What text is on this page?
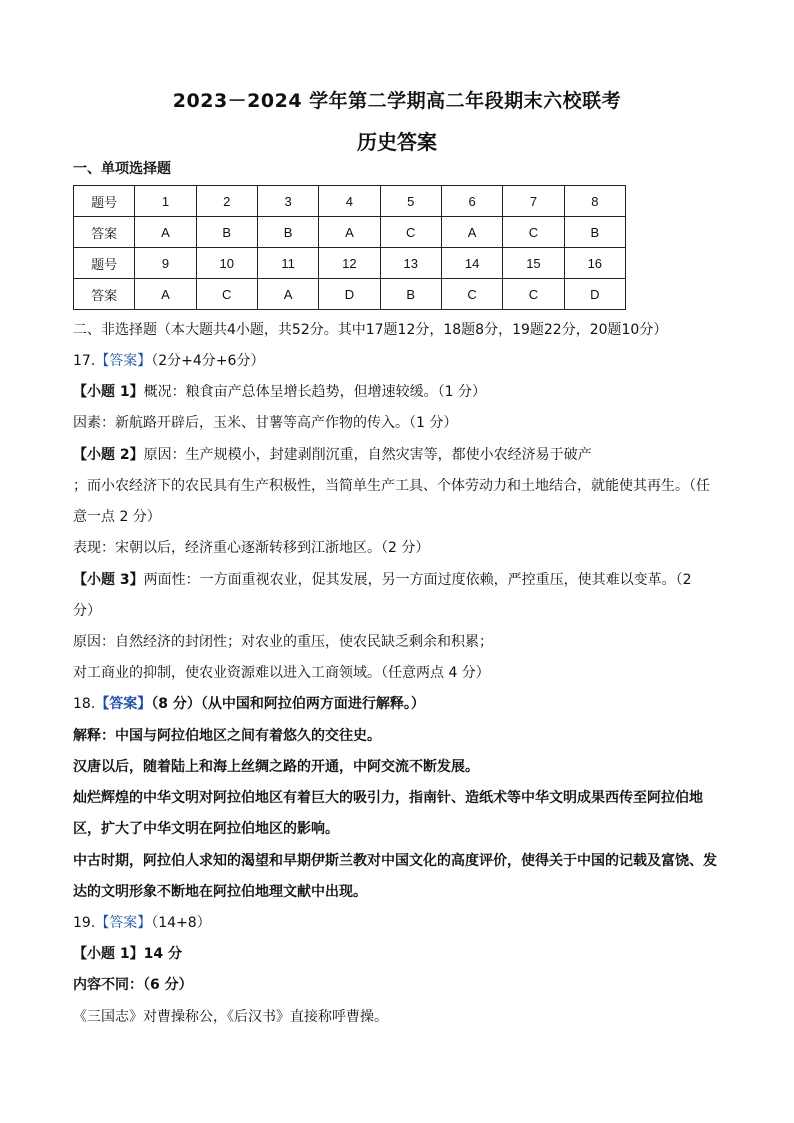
2023－2024 学年第二学期高二年段期末六校联考
历史答案
一、单项选择题
题号	1	2	3	4	5	6	7	8
答案	A	B	B	A	C	A	C	B
题号	9	10	11	12	13	14	15	16
答案	A	C	A	D	B	C	C	D
二、非选择题（本大题共4小题，共52分。其中17题12分，18题8分，19题22分，20题10分）
17.【答案】（2分+4分+6分）
【小题 1】概况：粮食亩产总体呈增长趋势，但增速较缓。（1 分）
因素：新航路开辟后，玉米、甘薯等高产作物的传入。（1 分）
【小题 2】原因：生产规模小，封建剥削沉重，自然灾害等，都使小农经济易于破产
；而小农经济下的农民具有生产积极性，当简单生产工具、个体劳动力和土地结合，就能使其再生。（任
意一点 2 分）
表现：宋朝以后，经济重心逐渐转移到江浙地区。（2 分）
【小题 3】两面性：一方面重视农业，促其发展，另一方面过度依赖，严控重压，使其难以变革。（2
分）
原因：自然经济的封闭性；对农业的重压，使农民缺乏剩余和积累；
对工商业的抑制，使农业资源难以进入工商领域。（任意两点 4 分）
18.【答案】（8 分）（从中国和阿拉伯两方面进行解释。）
解释：中国与阿拉伯地区之间有着悠久的交往史。
汉唐以后，随着陆上和海上丝绸之路的开通，中阿交流不断发展。
灿烂辉煌的中华文明对阿拉伯地区有着巨大的吸引力，指南针、造纸术等中华文明成果西传至阿拉伯地
区，扩大了中华文明在阿拉伯地区的影响。
中古时期，阿拉伯人求知的渴望和早期伊斯兰教对中国文化的高度评价，使得关于中国的记载及富饶、发
达的文明形象不断地在阿拉伯地理文献中出现。
19.【答案】（14+8）
【小题 1】14 分
内容不同：（6 分）
《三国志》对曹操称公，《后汉书》直接称呼曹操。
